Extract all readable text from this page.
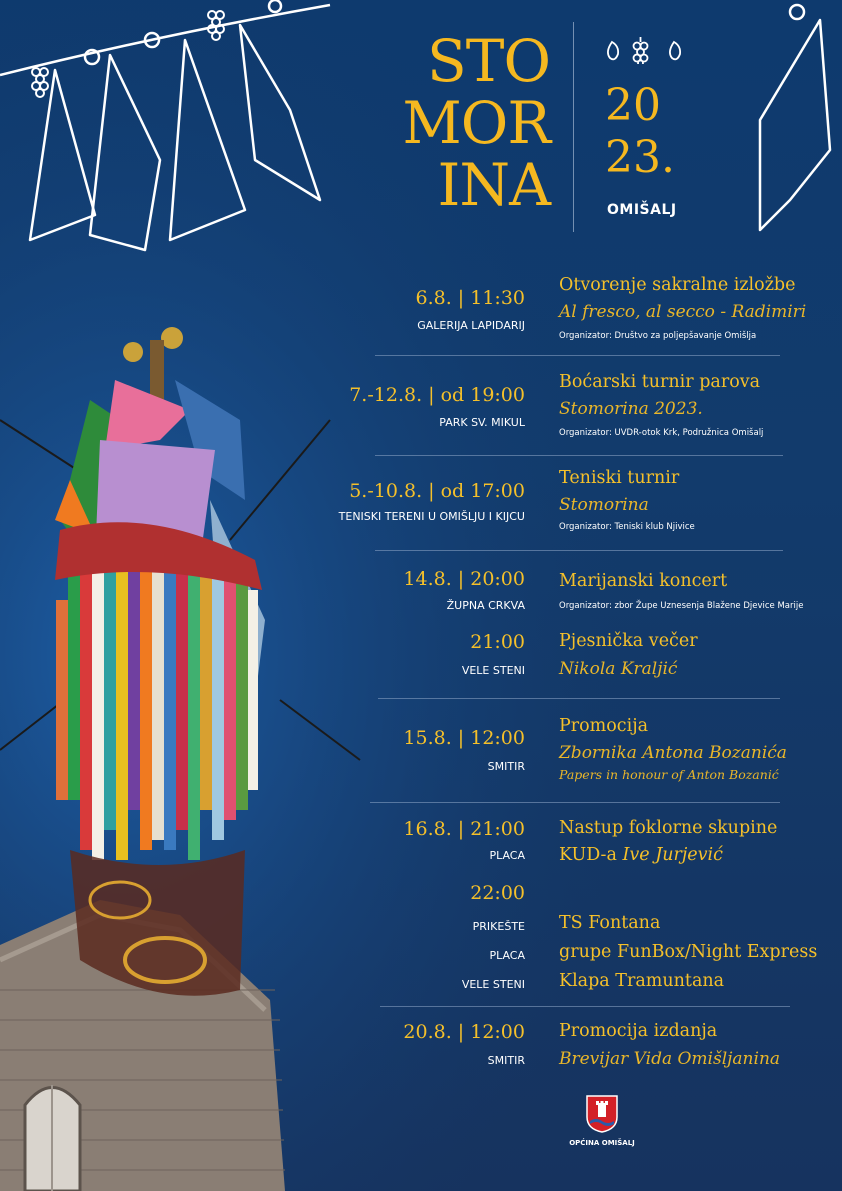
STO
MOR
INA
20
23.
OMIŠALJ
6.8. | 11:30
GALERIJA LAPIDARIJ
Otvorenje sakralne izložbe
Al fresco, al secco - Radimiri
Organizator: Društvo za poljepšavanje Omišlja
7.-12.8. | od 19:00
PARK SV. MIKUL
Boćarski turnir parova
Stomorina 2023.
Organizator: UVDR-otok Krk, Podružnica Omišalj
5.-10.8. | od 17:00
TENISKI TERENI U OMIŠLJU I KIJCU
Teniski turnir
Stomorina
Organizator: Teniski klub Njivice
14.8. | 20:00
ŽUPNA CRKVA
Marijanski koncert
Organizator: zbor Župe Uznesenja Blažene Djevice Marije
21:00
VELE STENI
Pjesnička večer
Nikola Kraljić
15.8. | 12:00
SMITIR
Promocija
Zbornika Antona Bozanića
Papers in honour of Anton Bozanić
16.8. | 21:00
PLACA
Nastup foklorne skupine
KUD-a Ive Jurjević
22:00
PRIKEŠTE TS Fontana
PLACA grupe FunBox/Night Express
VELE STENI Klapa Tramuntana
20.8. | 12:00
SMITIR
Promocija izdanja
Brevijar Vida Omišljanina
OPĆINA OMIŠALJ
